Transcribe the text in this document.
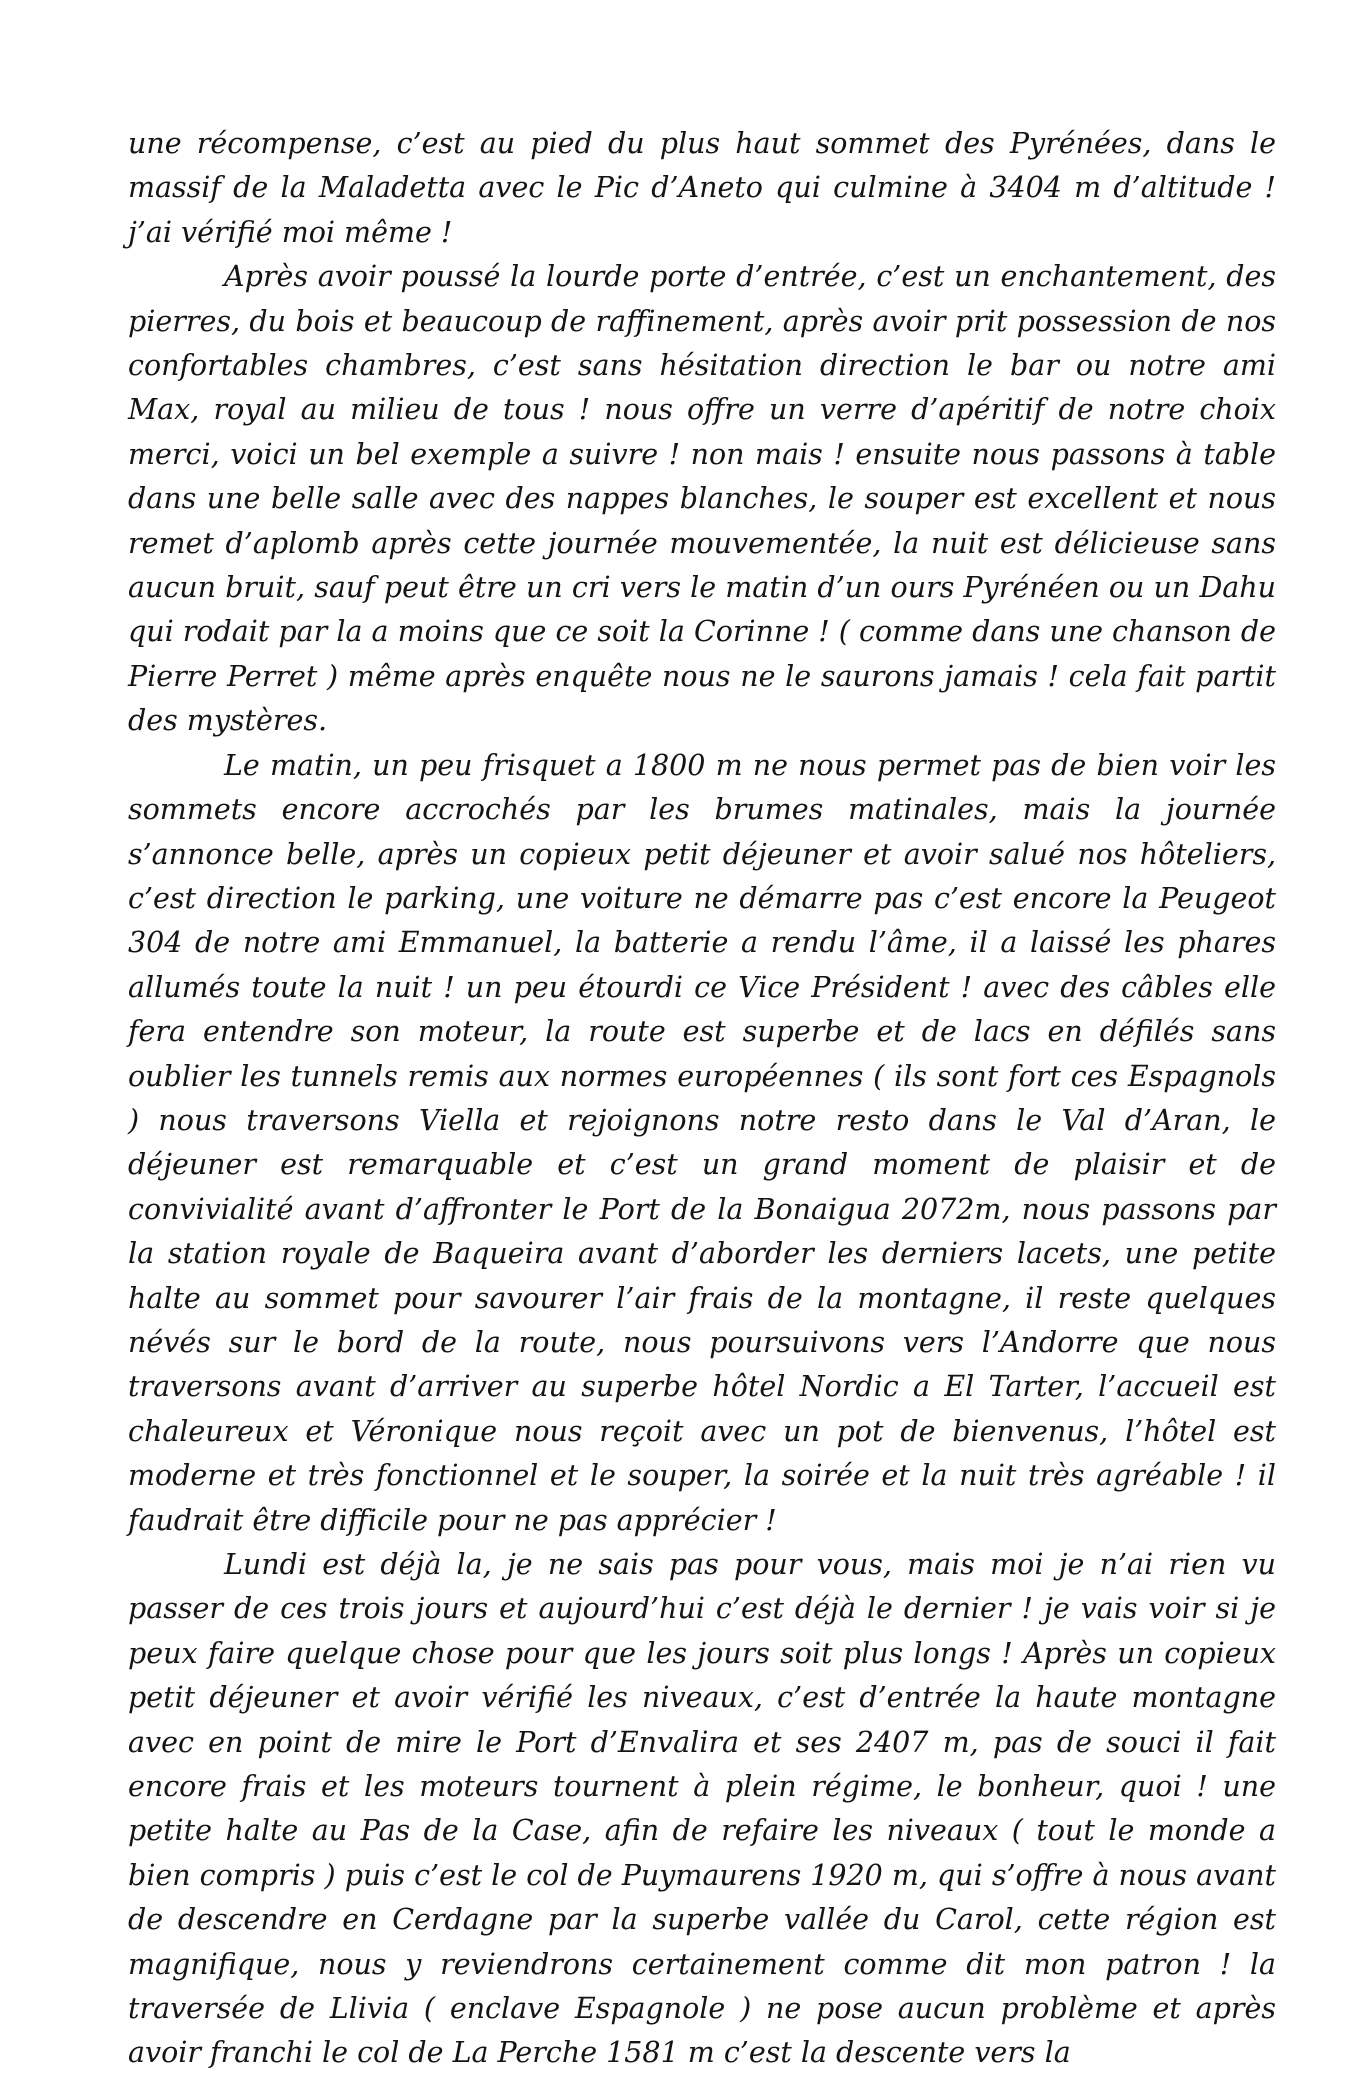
une récompense, c’est au pied du plus haut sommet des Pyrénées, dans le massif de la Maladetta avec le Pic d’Aneto qui culmine à 3404 m d’altitude ! j’ai vérifié moi même !

Après avoir poussé la lourde porte d’entrée, c’est un enchantement, des pierres, du bois et beaucoup de raffinement, après avoir prit possession de nos confortables chambres, c’est sans hésitation direction le bar ou notre ami Max, royal au milieu de tous ! nous offre un verre d’apéritif de notre choix merci, voici un bel exemple a suivre ! non mais ! ensuite nous passons à table dans une belle salle avec des nappes blanches, le souper est excellent et nous remet d’aplomb après cette journée mouvementée, la nuit est délicieuse sans aucun bruit, sauf peut être un cri vers le matin d’un ours Pyrénéen ou un Dahu qui rodait par la a moins que ce soit la Corinne ! ( comme dans une chanson de Pierre Perret ) même après enquête nous ne le saurons jamais ! cela fait partit des mystères.

Le matin, un peu frisquet a 1800 m ne nous permet pas de bien voir les sommets encore accrochés par les brumes matinales, mais la journée s’annonce belle, après un copieux petit déjeuner et avoir salué nos hôteliers, c’est direction le parking, une voiture ne démarre pas c’est encore la Peugeot 304 de notre ami Emmanuel, la batterie a rendu l’âme, il a laissé les phares allumés toute la nuit ! un peu étourdi ce Vice Président ! avec des câbles elle fera entendre son moteur, la route est superbe et de lacs en défilés sans oublier les tunnels remis aux normes européennes ( ils sont fort ces Espagnols ) nous traversons Viella et rejoignons notre resto dans le Val d’Aran, le déjeuner est remarquable et c’est un grand moment de plaisir et de convivialité avant d’affronter le Port de la Bonaigua 2072m, nous passons par la station royale de Baqueira avant d’aborder les derniers lacets, une petite halte au sommet pour savourer l’air frais de la montagne, il reste quelques névés sur le bord de la route, nous poursuivons vers l’Andorre que nous traversons avant d’arriver au superbe hôtel Nordic a El Tarter, l’accueil est chaleureux et Véronique nous reçoit avec un pot de bienvenus, l’hôtel est moderne et très fonctionnel et le souper, la soirée et la nuit très agréable ! il faudrait être difficile pour ne pas apprécier !

Lundi est déjà la, je ne sais pas pour vous, mais moi je n’ai rien vu passer de ces trois jours et aujourd’hui c’est déjà le dernier ! je vais voir si je peux faire quelque chose pour que les jours soit plus longs ! Après un copieux petit déjeuner et avoir vérifié les niveaux, c’est d’entrée la haute montagne avec en point de mire le Port d’Envalira et ses 2407 m, pas de souci il fait encore frais et les moteurs tournent à plein régime, le bonheur, quoi ! une petite halte au Pas de la Case, afin de refaire les niveaux ( tout le monde a bien compris ) puis c’est le col de Puymaurens 1920 m, qui s’offre à nous avant de descendre en Cerdagne par la superbe vallée du Carol, cette région est magnifique, nous y reviendrons certainement comme dit mon patron ! la traversée de Llivia ( enclave Espagnole ) ne pose aucun problème et après avoir franchi le col de La Perche 1581 m c’est la descente vers la
